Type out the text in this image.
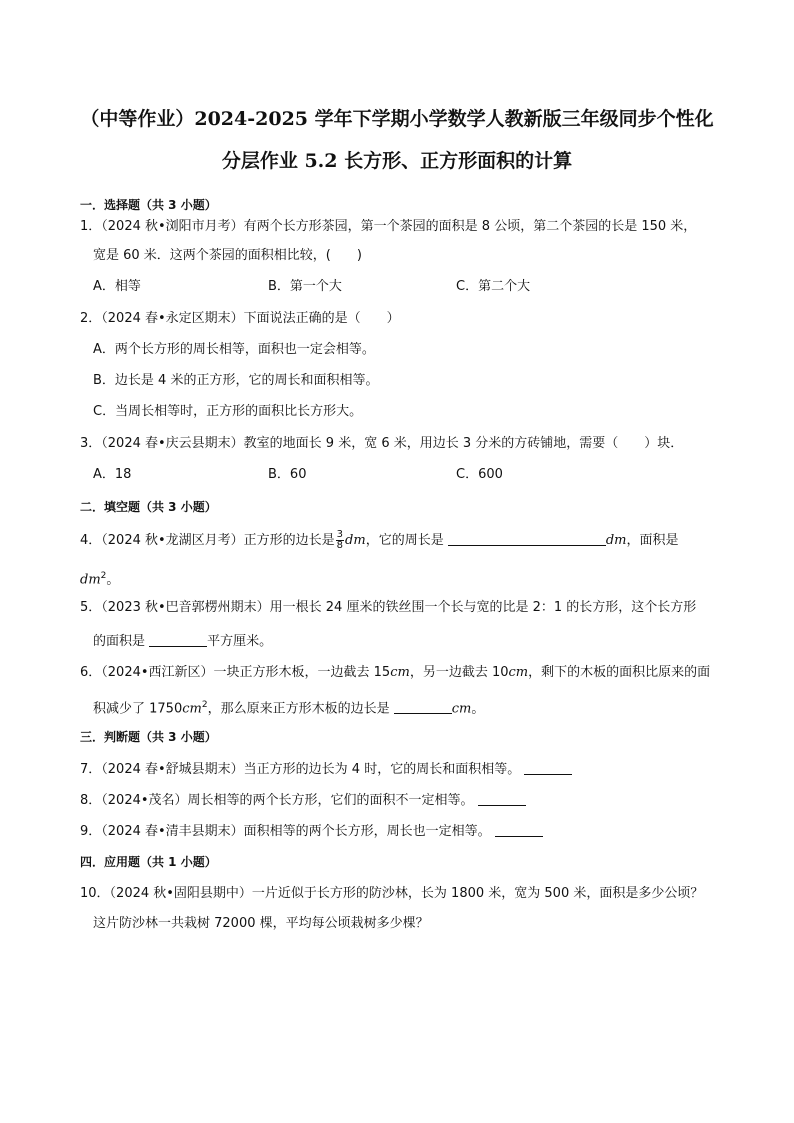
（中等作业）2024-2025 学年下学期小学数学人教新版三年级同步个性化
分层作业 5.2 长方形、正方形面积的计算
一．选择题（共 3 小题）
1．（2024 秋•浏阳市月考）有两个长方形茶园，第一个茶园的面积是 8 公顷，第二个茶园的长是 150 米，
宽是 60 米．这两个茶园的面积相比较，(　　)
A．相等	B．第一个大	C．第二个大
2．（2024 春•永定区期末）下面说法正确的是（　　）
A．两个长方形的周长相等，面积也一定会相等。
B．边长是 4 米的正方形，它的周长和面积相等。
C．当周长相等时，正方形的面积比长方形大。
3．（2024 春•庆云县期末）教室的地面长 9 米，宽 6 米，用边长 3 分米的方砖铺地，需要（　　）块．
A．18	B．60	C．600
二．填空题（共 3 小题）
4．（2024 秋•龙湖区月考）正方形的边长是 $\frac{3}{8}$ dm，它的周长是	dm，面积是
$dm^2$。
5．（2023 秋•巴音郭楞州期末）用一根长 24 厘米的铁丝围一个长与宽的比是 2：1 的长方形，这个长方形
的面积是	平方厘米。
6．（2024•西江新区）一块正方形木板，一边截去 15cm，另一边截去 10cm，剩下的木板的面积比原来的面
积减少了 $1750cm^2$，那么原来正方形木板的边长是	cm。
三．判断题（共 3 小题）
7．（2024 春•舒城县期末）当正方形的边长为 4 时，它的周长和面积相等。
8．（2024•茂名）周长相等的两个长方形，它们的面积不一定相等。
9．（2024 春•清丰县期末）面积相等的两个长方形，周长也一定相等。
四．应用题（共 1 小题）
10．（2024 秋•固阳县期中）一片近似于长方形的防沙林，长为 1800 米，宽为 500 米，面积是多少公顷？
这片防沙林一共栽树 72000 棵，平均每公顷栽树多少棵？
